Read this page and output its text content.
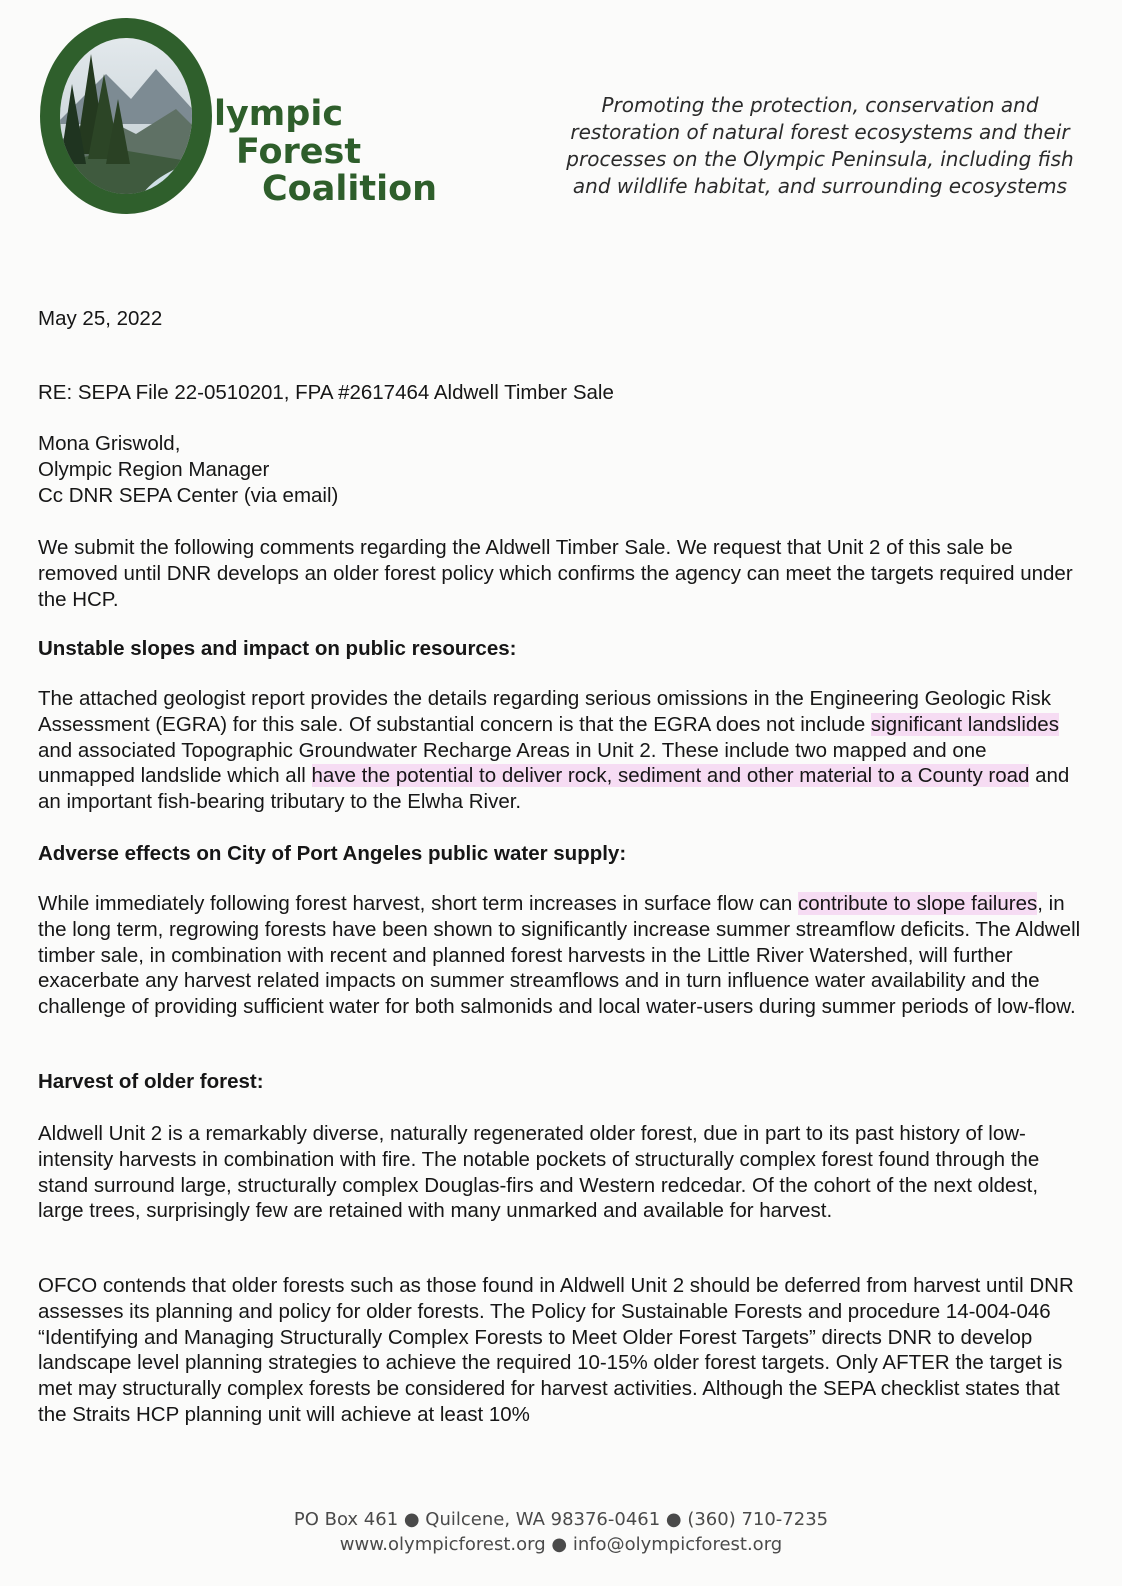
lympic
Forest
Coalition
Promoting the protection, conservation and restoration of natural forest ecosystems and their processes on the Olympic Peninsula, including fish and wildlife habitat, and surrounding ecosystems

May 25, 2022

RE: SEPA File 22-0510201, FPA #2617464 Aldwell Timber Sale

Mona Griswold,

Olympic Region Manager

Cc DNR SEPA Center (via email)

We submit the following comments regarding the Aldwell Timber Sale. We request that Unit 2 of this sale be removed until DNR develops an older forest policy which confirms the agency can meet the targets required under the HCP.

Unstable slopes and impact on public resources:

The attached geologist report provides the details regarding serious omissions in the Engineering Geologic Risk Assessment (EGRA) for this sale. Of substantial concern is that the EGRA does not include significant landslides and associated Topographic Groundwater Recharge Areas in Unit 2. These include two mapped and one unmapped landslide which all have the potential to deliver rock, sediment and other material to a County road and an important fish-bearing tributary to the Elwha River.

Adverse effects on City of Port Angeles public water supply:

While immediately following forest harvest, short term increases in surface flow can contribute to slope failures, in the long term, regrowing forests have been shown to significantly increase summer streamflow deficits. The Aldwell timber sale, in combination with recent and planned forest harvests in the Little River Watershed, will further exacerbate any harvest related impacts on summer streamflows and in turn influence water availability and the challenge of providing sufficient water for both salmonids and local water-users during summer periods of low-flow.

Harvest of older forest:

Aldwell Unit 2 is a remarkably diverse, naturally regenerated older forest, due in part to its past history of low-intensity harvests in combination with fire. The notable pockets of structurally complex forest found through the stand surround large, structurally complex Douglas-firs and Western redcedar. Of the cohort of the next oldest, large trees, surprisingly few are retained with many unmarked and available for harvest.

OFCO contends that older forests such as those found in Aldwell Unit 2 should be deferred from harvest until DNR assesses its planning and policy for older forests. The Policy for Sustainable Forests and procedure 14-004-046 “Identifying and Managing Structurally Complex Forests to Meet Older Forest Targets” directs DNR to develop landscape level planning strategies to achieve the required 10-15% older forest targets. Only AFTER the target is met may structurally complex forests be considered for harvest activities. Although the SEPA checklist states that the Straits HCP planning unit will achieve at least 10%

PO Box 461 ● Quilcene, WA 98376-0461 ● (360) 710-7235
www.olympicforest.org ● info@olympicforest.org
